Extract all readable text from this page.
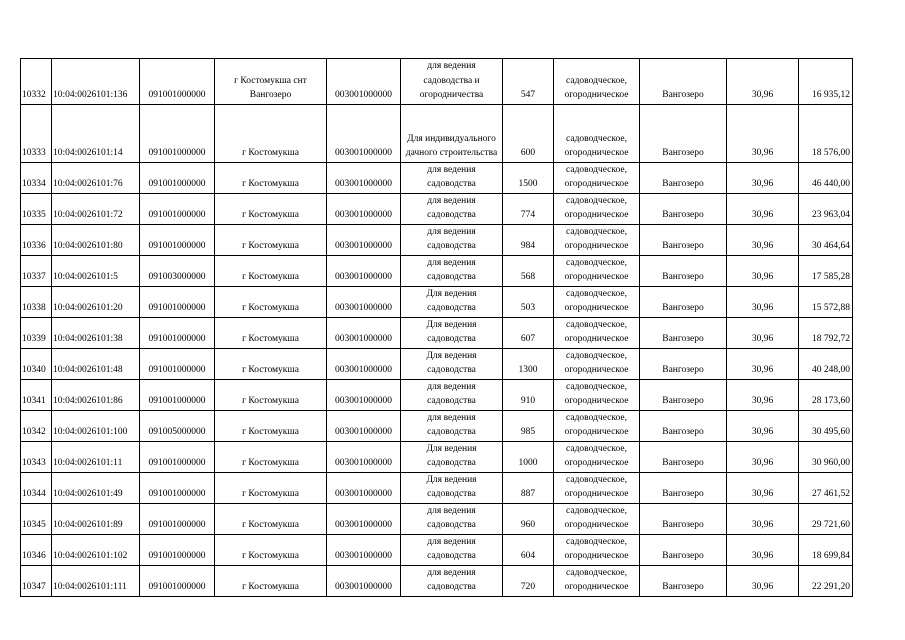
10332	10:04:0026101:136	091001000000	г Костомукша снт Вангозеро	003001000000	для ведения садоводства и огородничества	547	садоводческое, огородническое	Вангозеро	30,96	16 935,12
10333	10:04:0026101:14	091001000000	г Костомукша	003001000000	Для индивидуального дачного строительства	600	садоводческое, огородническое	Вангозеро	30,96	18 576,00
10334	10:04:0026101:76	091001000000	г Костомукша	003001000000	для ведения садоводства	1500	садоводческое, огородническое	Вангозеро	30,96	46 440,00
10335	10:04:0026101:72	091001000000	г Костомукша	003001000000	для ведения садоводства	774	садоводческое, огородническое	Вангозеро	30,96	23 963,04
10336	10:04:0026101:80	091001000000	г Костомукша	003001000000	для ведения садоводства	984	садоводческое, огородническое	Вангозеро	30,96	30 464,64
10337	10:04:0026101:5	091003000000	г Костомукша	003001000000	для ведения садоводства	568	садоводческое, огородническое	Вангозеро	30,96	17 585,28
10338	10:04:0026101:20	091001000000	г Костомукша	003001000000	Для ведения садоводства	503	садоводческое, огородническое	Вангозеро	30,96	15 572,88
10339	10:04:0026101:38	091001000000	г Костомукша	003001000000	Для ведения садоводства	607	садоводческое, огородническое	Вангозеро	30,96	18 792,72
10340	10:04:0026101:48	091001000000	г Костомукша	003001000000	Для ведения садоводства	1300	садоводческое, огородническое	Вангозеро	30,96	40 248,00
10341	10:04:0026101:86	091001000000	г Костомукша	003001000000	для ведения садоводства	910	садоводческое, огородническое	Вангозеро	30,96	28 173,60
10342	10:04:0026101:100	091005000000	г Костомукша	003001000000	для ведения садоводства	985	садоводческое, огородническое	Вангозеро	30,96	30 495,60
10343	10:04:0026101:11	091001000000	г Костомукша	003001000000	Для ведения садоводства	1000	садоводческое, огородническое	Вангозеро	30,96	30 960,00
10344	10:04:0026101:49	091001000000	г Костомукша	003001000000	Для ведения садоводства	887	садоводческое, огородническое	Вангозеро	30,96	27 461,52
10345	10:04:0026101:89	091001000000	г Костомукша	003001000000	для ведения садоводства	960	садоводческое, огородническое	Вангозеро	30,96	29 721,60
10346	10:04:0026101:102	091001000000	г Костомукша	003001000000	для ведения садоводства	604	садоводческое, огородническое	Вангозеро	30,96	18 699,84
10347	10:04:0026101:111	091001000000	г Костомукша	003001000000	для ведения садоводства	720	садоводческое, огородническое	Вангозеро	30,96	22 291,20
